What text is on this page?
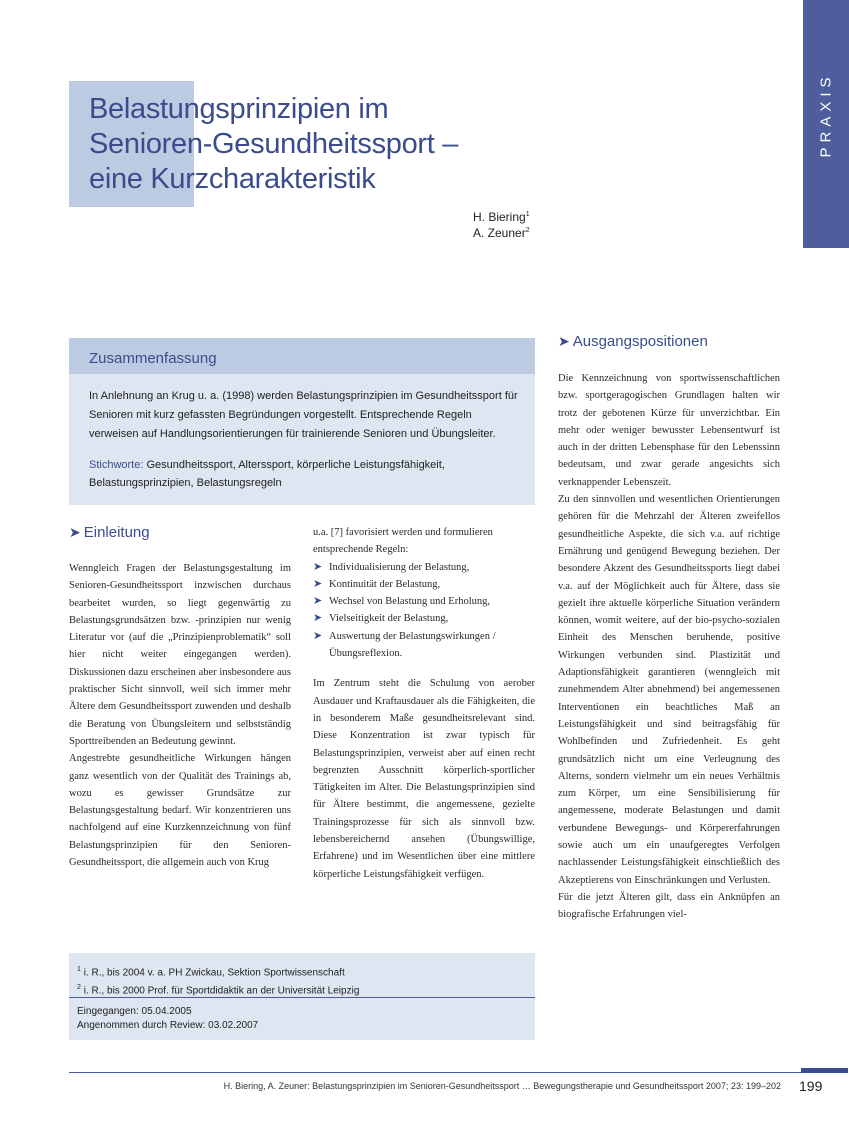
PRAXIS
Belastungsprinzipien im
Senioren-Gesundheitssport –
eine Kurzcharakteristik
H. Biering$^1$
A. Zeuner$^2$
Zusammenfassung
In Anlehnung an Krug u. a. (1998) werden Belastungsprinzipien im Gesundheitssport für Senioren mit kurz gefassten Begründungen vorgestellt. Entsprechende Regeln verweisen auf Handlungsorientierungen für trainierende Senioren und Übungsleiter.
Stichworte: Gesundheitssport, Alterssport, körperliche Leistungsfähigkeit, Belastungsprinzipien, Belastungsregeln
➤ Einleitung

Wenngleich Fragen der Belastungsgestaltung im Senioren-Gesundheitssport inzwischen durchaus bearbeitet wurden, so liegt gegenwärtig zu Belastungsgrundsätzen bzw. -prinzipien nur wenig Literatur vor (auf die „Prinzipienproblematik“ soll hier nicht weiter eingegangen werden). Diskussionen dazu erscheinen aber insbesondere aus praktischer Sicht sinnvoll, weil sich immer mehr Ältere dem Gesundheitssport zuwenden und deshalb die Beratung von Übungsleitern und selbstständig Sporttreibenden an Bedeutung gewinnt.

Angestrebte gesundheitliche Wirkungen hängen ganz wesentlich von der Qualität des Trainings ab, wozu es gewisser Grundsätze zur Belastungsgestaltung bedarf. Wir konzentrieren uns nachfolgend auf eine Kurzkennzeichnung von fünf Belastungsprinzipien für den Senioren-Gesundheitssport, die allgemein auch von Krug

u.a. [7] favorisiert werden und formulieren entsprechende Regeln:

➤ Individualisierung der Belastung,
➤ Kontinuität der Belastung,
➤ Wechsel von Belastung und Erholung,
➤ Vielseitigkeit der Belastung,
➤ Auswertung der Belastungswirkungen / Übungsreflexion.

Im Zentrum steht die Schulung von aerober Ausdauer und Kraftausdauer als die Fähigkeiten, die in besonderem Maße gesundheitsrelevant sind. Diese Konzentration ist zwar typisch für Belastungsprinzipien, verweist aber auf einen recht begrenzten Ausschnitt körperlich-sportlicher Tätigkeiten im Alter. Die Belastungsprinzipien sind für Ältere bestimmt, die angemessene, gezielte Trainingsprozesse für sich als sinnvoll bzw. lebensbereichernd ansehen (Übungswillige, Erfahrene) und im Wesentlichen über eine mittlere körperliche Leistungsfähigkeit verfügen.

➤ Ausgangspositionen

Die Kennzeichnung von sportwissenschaftlichen bzw. sportgeragogischen Grundlagen halten wir trotz der gebotenen Kürze für unverzichtbar. Ein mehr oder weniger bewusster Lebensentwurf ist auch in der dritten Lebensphase für den Lebenssinn bedeutsam, und zwar gerade angesichts sich verknappender Lebenszeit.

Zu den sinnvollen und wesentlichen Orientierungen gehören für die Mehrzahl der Älteren zweifellos gesundheitliche Aspekte, die sich v.a. auf richtige Ernährung und genügend Bewegung beziehen. Der besondere Akzent des Gesundheitssports liegt dabei v.a. auf der Möglichkeit auch für Ältere, dass sie gezielt ihre aktuelle körperliche Situation verändern können, womit weitere, auf der bio-psycho-sozialen Einheit des Menschen beruhende, positive Wirkungen verbunden sind. Plastizität und Adaptionsfähigkeit garantieren (wenngleich mit zunehmendem Alter abnehmend) bei angemessenen Interventionen ein beachtliches Maß an Leistungsfähigkeit und sind beitragsfähig für Wohlbefinden und Zufriedenheit. Es geht grundsätzlich nicht um eine Verleugnung des Alterns, sondern vielmehr um ein neues Verhältnis zum Körper, um eine Sensibilisierung für angemessene, moderate Belastungen und damit verbundene Bewegungs- und Körpererfahrungen sowie auch um ein unaufgeregtes Verfolgen nachlassender Leistungsfähigkeit einschließlich des Akzeptierens von Einschränkungen und Verlusten.

Für die jetzt Älteren gilt, dass ein Anknüpfen an biografische Erfahrungen viel-

$^1$ i. R., bis 2004 v. a. PH Zwickau, Sektion Sportwissenschaft
$^2$ i. R., bis 2000 Prof. für Sportdidaktik an der Universität Leipzig
Eingegangen: 05.04.2005
Angenommen durch Review: 03.02.2007
H. Biering, A. Zeuner: Belastungsprinzipien im Senioren-Gesundheitssport … Bewegungstherapie und Gesundheitssport 2007; 23: 199–202 199
